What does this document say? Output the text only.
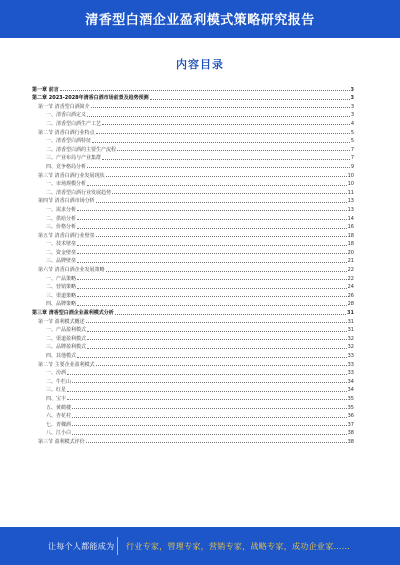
清香型白酒企业盈利模式策略研究报告
内容目录
第一章 前言	3
第二章 2023-2028年清香白酒市场前景及趋势预测	3
第一节 清香型白酒简介	3
一、清香白酒定义	3
二、清香型白酒生产工艺	4
第二节 清香白酒行业特点	5
一、清香型白酒特征	5
二、清香型白酒的主要生产流程	7
三、产业布局与产业集群	7
四、竞争格局分析	9
第三节 清香白酒行业发展现状	10
一、市场规模分析	10
二、清香型白酒行业发展趋势	11
第四节 清香白酒市场分析	13
一、需求分析	13
二、供给分析	14
三、价格分析	16
第五节 清香白酒行业壁垒	18
一、技术壁垒	18
二、资金壁垒	20
三、品牌壁垒	21
第六节 清香白酒企业发展策略	22
一、产品策略	22
二、营销策略	24
三、渠道策略	26
四、品牌策略	28
第三章 清香型白酒企业盈利模式分析	31
第一节 盈利模式概述	31
一、产品盈利模式	31
二、渠道盈利模式	32
三、品牌盈利模式	32
四、其他模式	33
第二节 主要企业盈利模式	33
一、汾酒	33
二、牛栏山	34
三、红星	34
四、宝丰	35
五、黄鹤楼	35
六、杏花村	36
七、青稞酒	37
八、江小白	38
第三节 盈利模式评价	38
让每个人都能成为 行业专家，管理专家，营销专家，战略专家，成功企业家……
